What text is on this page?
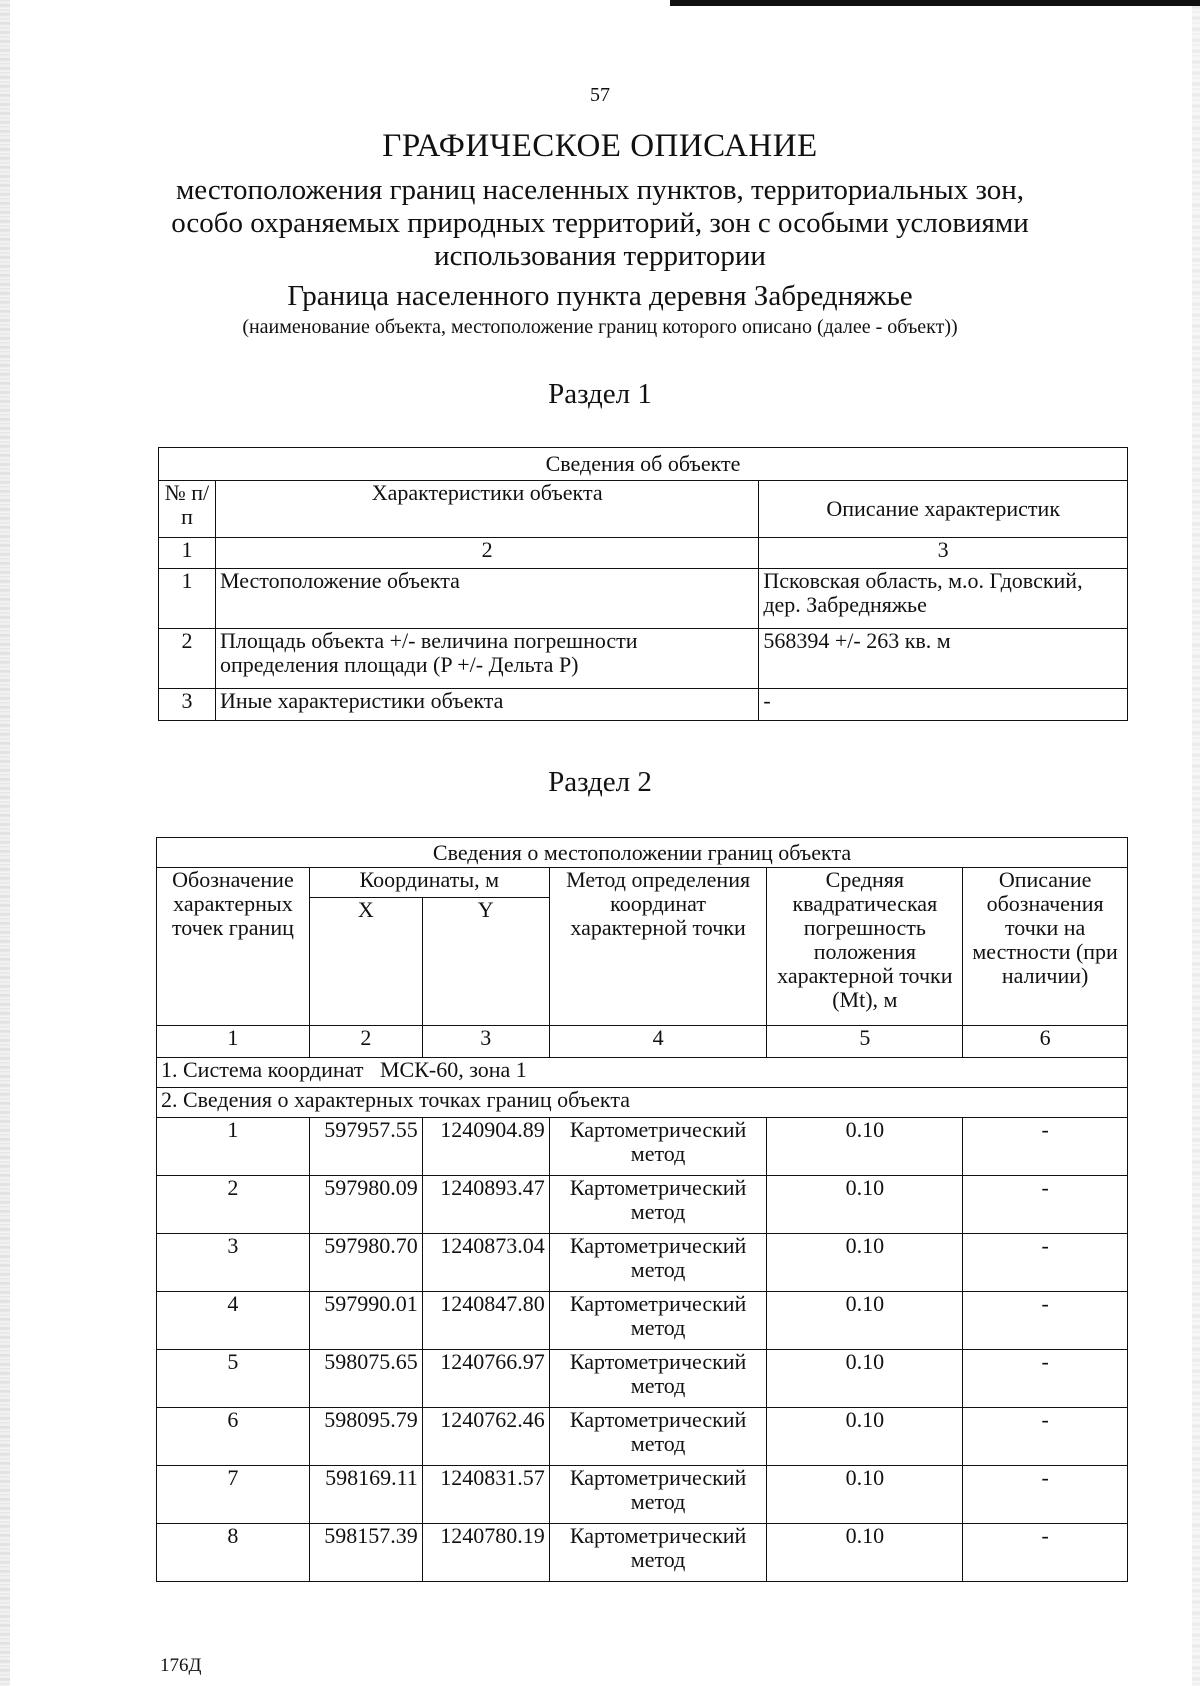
57
ГРАФИЧЕСКОЕ ОПИСАНИЕ
местоположения границ населенных пунктов, территориальных зон, особо охраняемых природных территорий, зон с особыми условиями использования территории
Граница населенного пункта деревня Забредняжье
(наименование объекта, местоположение границ которого описано (далее - объект))
Раздел 1
Сведения об объекте		
№ п/п	Характеристики объекта	Описание характеристик
1	2	3
1	Местоположение объекта	Псковская область, м.о. Гдовский, дер. Забредняжье
2	Площадь объекта +/- величина погрешности определения площади (P +/- Дельта P)	568394 +/- 263 кв. м
3	Иные характеристики объекта	-
Раздел 2
Сведения о местоположении границ объекта					
Обозначение характерных точек границ	Координаты, м		Метод определения координат характерной точки	Средняя квадратическая погрешность положения характерной точки (Mt), м	Описание обозначения точки на местности (при наличии)
	X	Y			
1	2	3	4	5	6
1. Система координат   МСК-60, зона 1					
2. Сведения о характерных точках границ объекта					
1	597957.55	1240904.89	Картометрический метод	0.10	-
2	597980.09	1240893.47	Картометрический метод	0.10	-
3	597980.70	1240873.04	Картометрический метод	0.10	-
4	597990.01	1240847.80	Картометрический метод	0.10	-
5	598075.65	1240766.97	Картометрический метод	0.10	-
6	598095.79	1240762.46	Картометрический метод	0.10	-
7	598169.11	1240831.57	Картометрический метод	0.10	-
8	598157.39	1240780.19	Картометрический метод	0.10	-
176Д
